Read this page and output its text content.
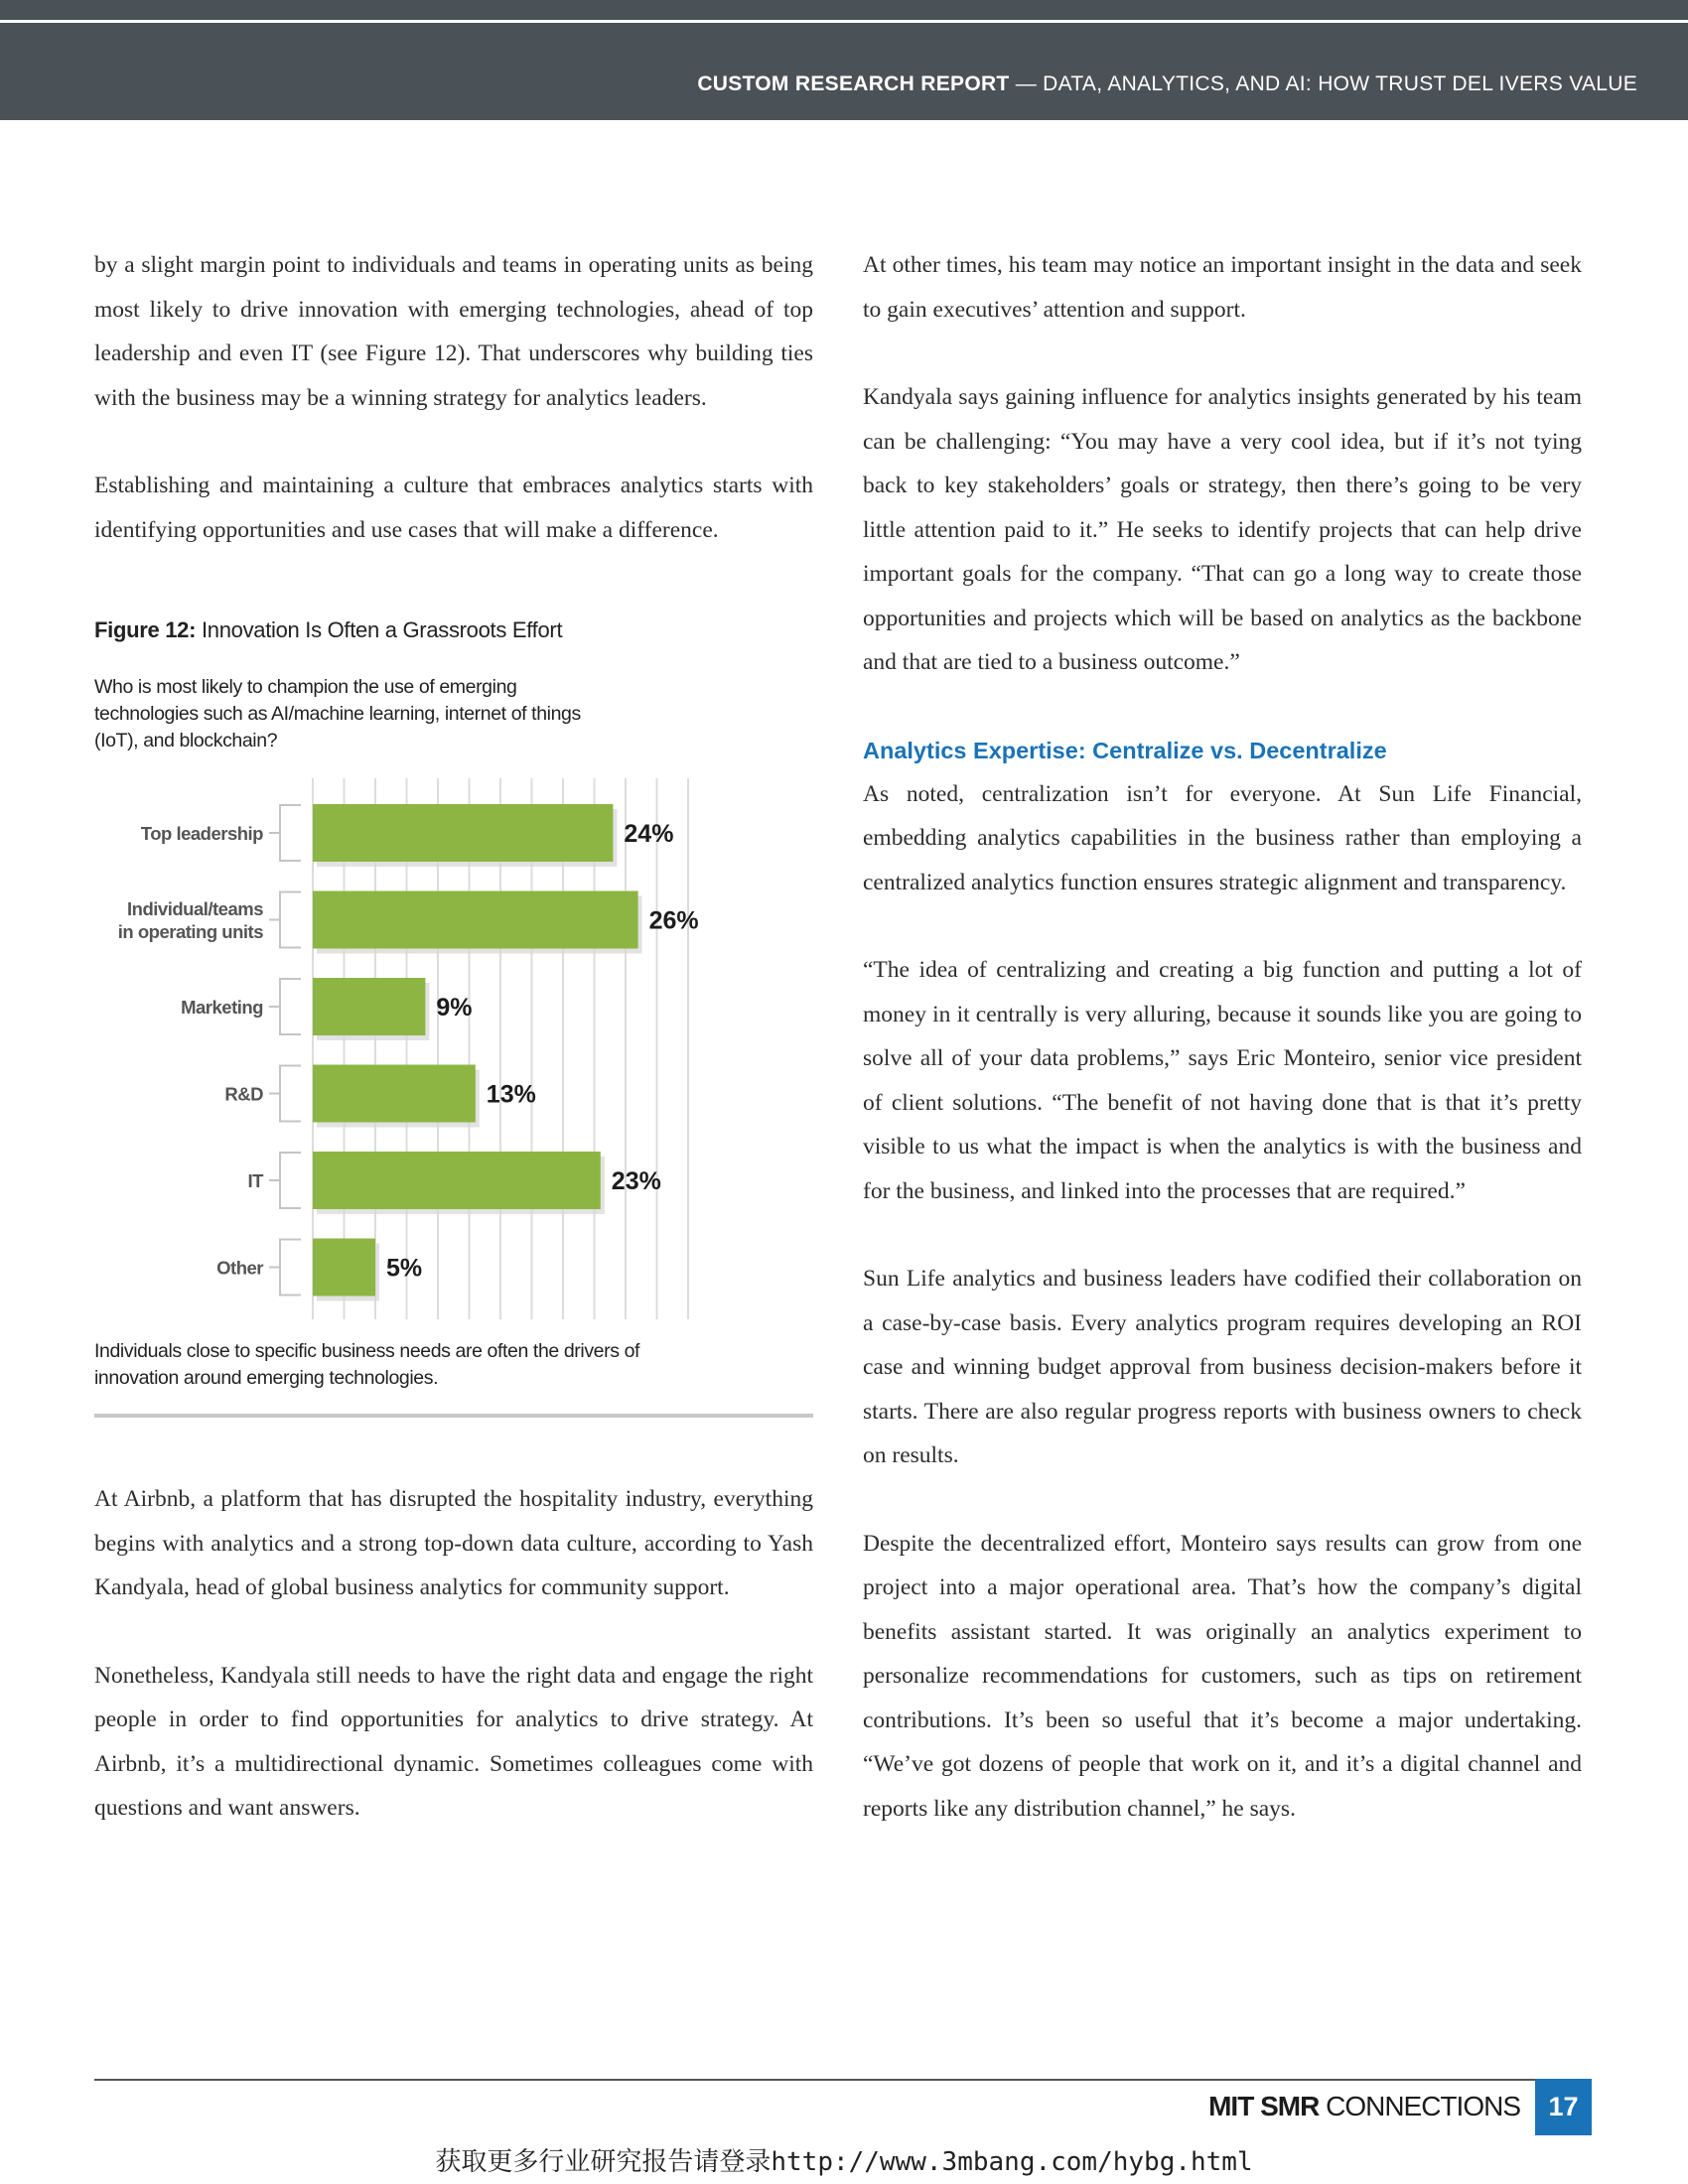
CUSTOM RESEARCH REPORT — DATA, ANALYTICS, AND AI: HOW TRUST DEL IVERS VALUE

by a slight margin point to individuals and teams in operating units as being most likely to drive innovation with emerging technologies, ahead of top leadership and even IT (see Figure 12). That underscores why building ties with the business may be a winning strategy for analytics leaders.

Establishing and maintaining a culture that embraces analytics starts with identifying opportunities and use cases that will make a difference.

Figure 12: Innovation Is Often a Grassroots Effort

Who is most likely to champion the use of emerging technologies such as AI/machine learning, internet of things (IoT), and blockchain?

24%
Top leadership
26%
Individual/teams
in operating units
9%
Marketing
13%
R&D
23%
IT
5%
Other

Individuals close to specific business needs are often the drivers of innovation around emerging technologies.

At Airbnb, a platform that has disrupted the hospitality industry, everything begins with analytics and a strong top-down data culture, according to Yash Kandyala, head of global business analytics for community support.

Nonetheless, Kandyala still needs to have the right data and engage the right people in order to find opportunities for analytics to drive strategy. At Airbnb, it’s a multidirectional dynamic. Sometimes colleagues come with questions and want answers.

At other times, his team may notice an important insight in the data and seek to gain executives’ attention and support.

Kandyala says gaining influence for analytics insights generated by his team can be challenging: “You may have a very cool idea, but if it’s not tying back to key stakeholders’ goals or strategy, then there’s going to be very little attention paid to it.” He seeks to identify projects that can help drive important goals for the company. “That can go a long way to create those opportunities and projects which will be based on analytics as the backbone and that are tied to a business outcome.”

Analytics Expertise: Centralize vs. Decentralize

As noted, centralization isn’t for everyone. At Sun Life Financial, embedding analytics capabilities in the business rather than employing a centralized analytics function ensures strategic alignment and transparency.

“The idea of centralizing and creating a big function and putting a lot of money in it centrally is very alluring, because it sounds like you are going to solve all of your data problems,” says Eric Monteiro, senior vice president of client solutions. “The benefit of not having done that is that it’s pretty visible to us what the impact is when the analytics is with the business and for the business, and linked into the processes that are required.”

Sun Life analytics and business leaders have codified their collaboration on a case-by-case basis. Every analytics program requires developing an ROI case and winning budget approval from business decision-makers before it starts. There are also regular progress reports with business owners to check on results.

Despite the decentralized effort, Monteiro says results can grow from one project into a major operational area. That’s how the company’s digital benefits assistant started. It was originally an analytics experiment to personalize recommendations for customers, such as tips on retirement contributions. It’s been so useful that it’s become a major undertaking. “We’ve got dozens of people that work on it, and it’s a digital channel and reports like any distribution channel,” he says.

MIT SMR CONNECTIONS	17
获取更多行业研究报告请登录http://www.3mbang.com/hybg.html
